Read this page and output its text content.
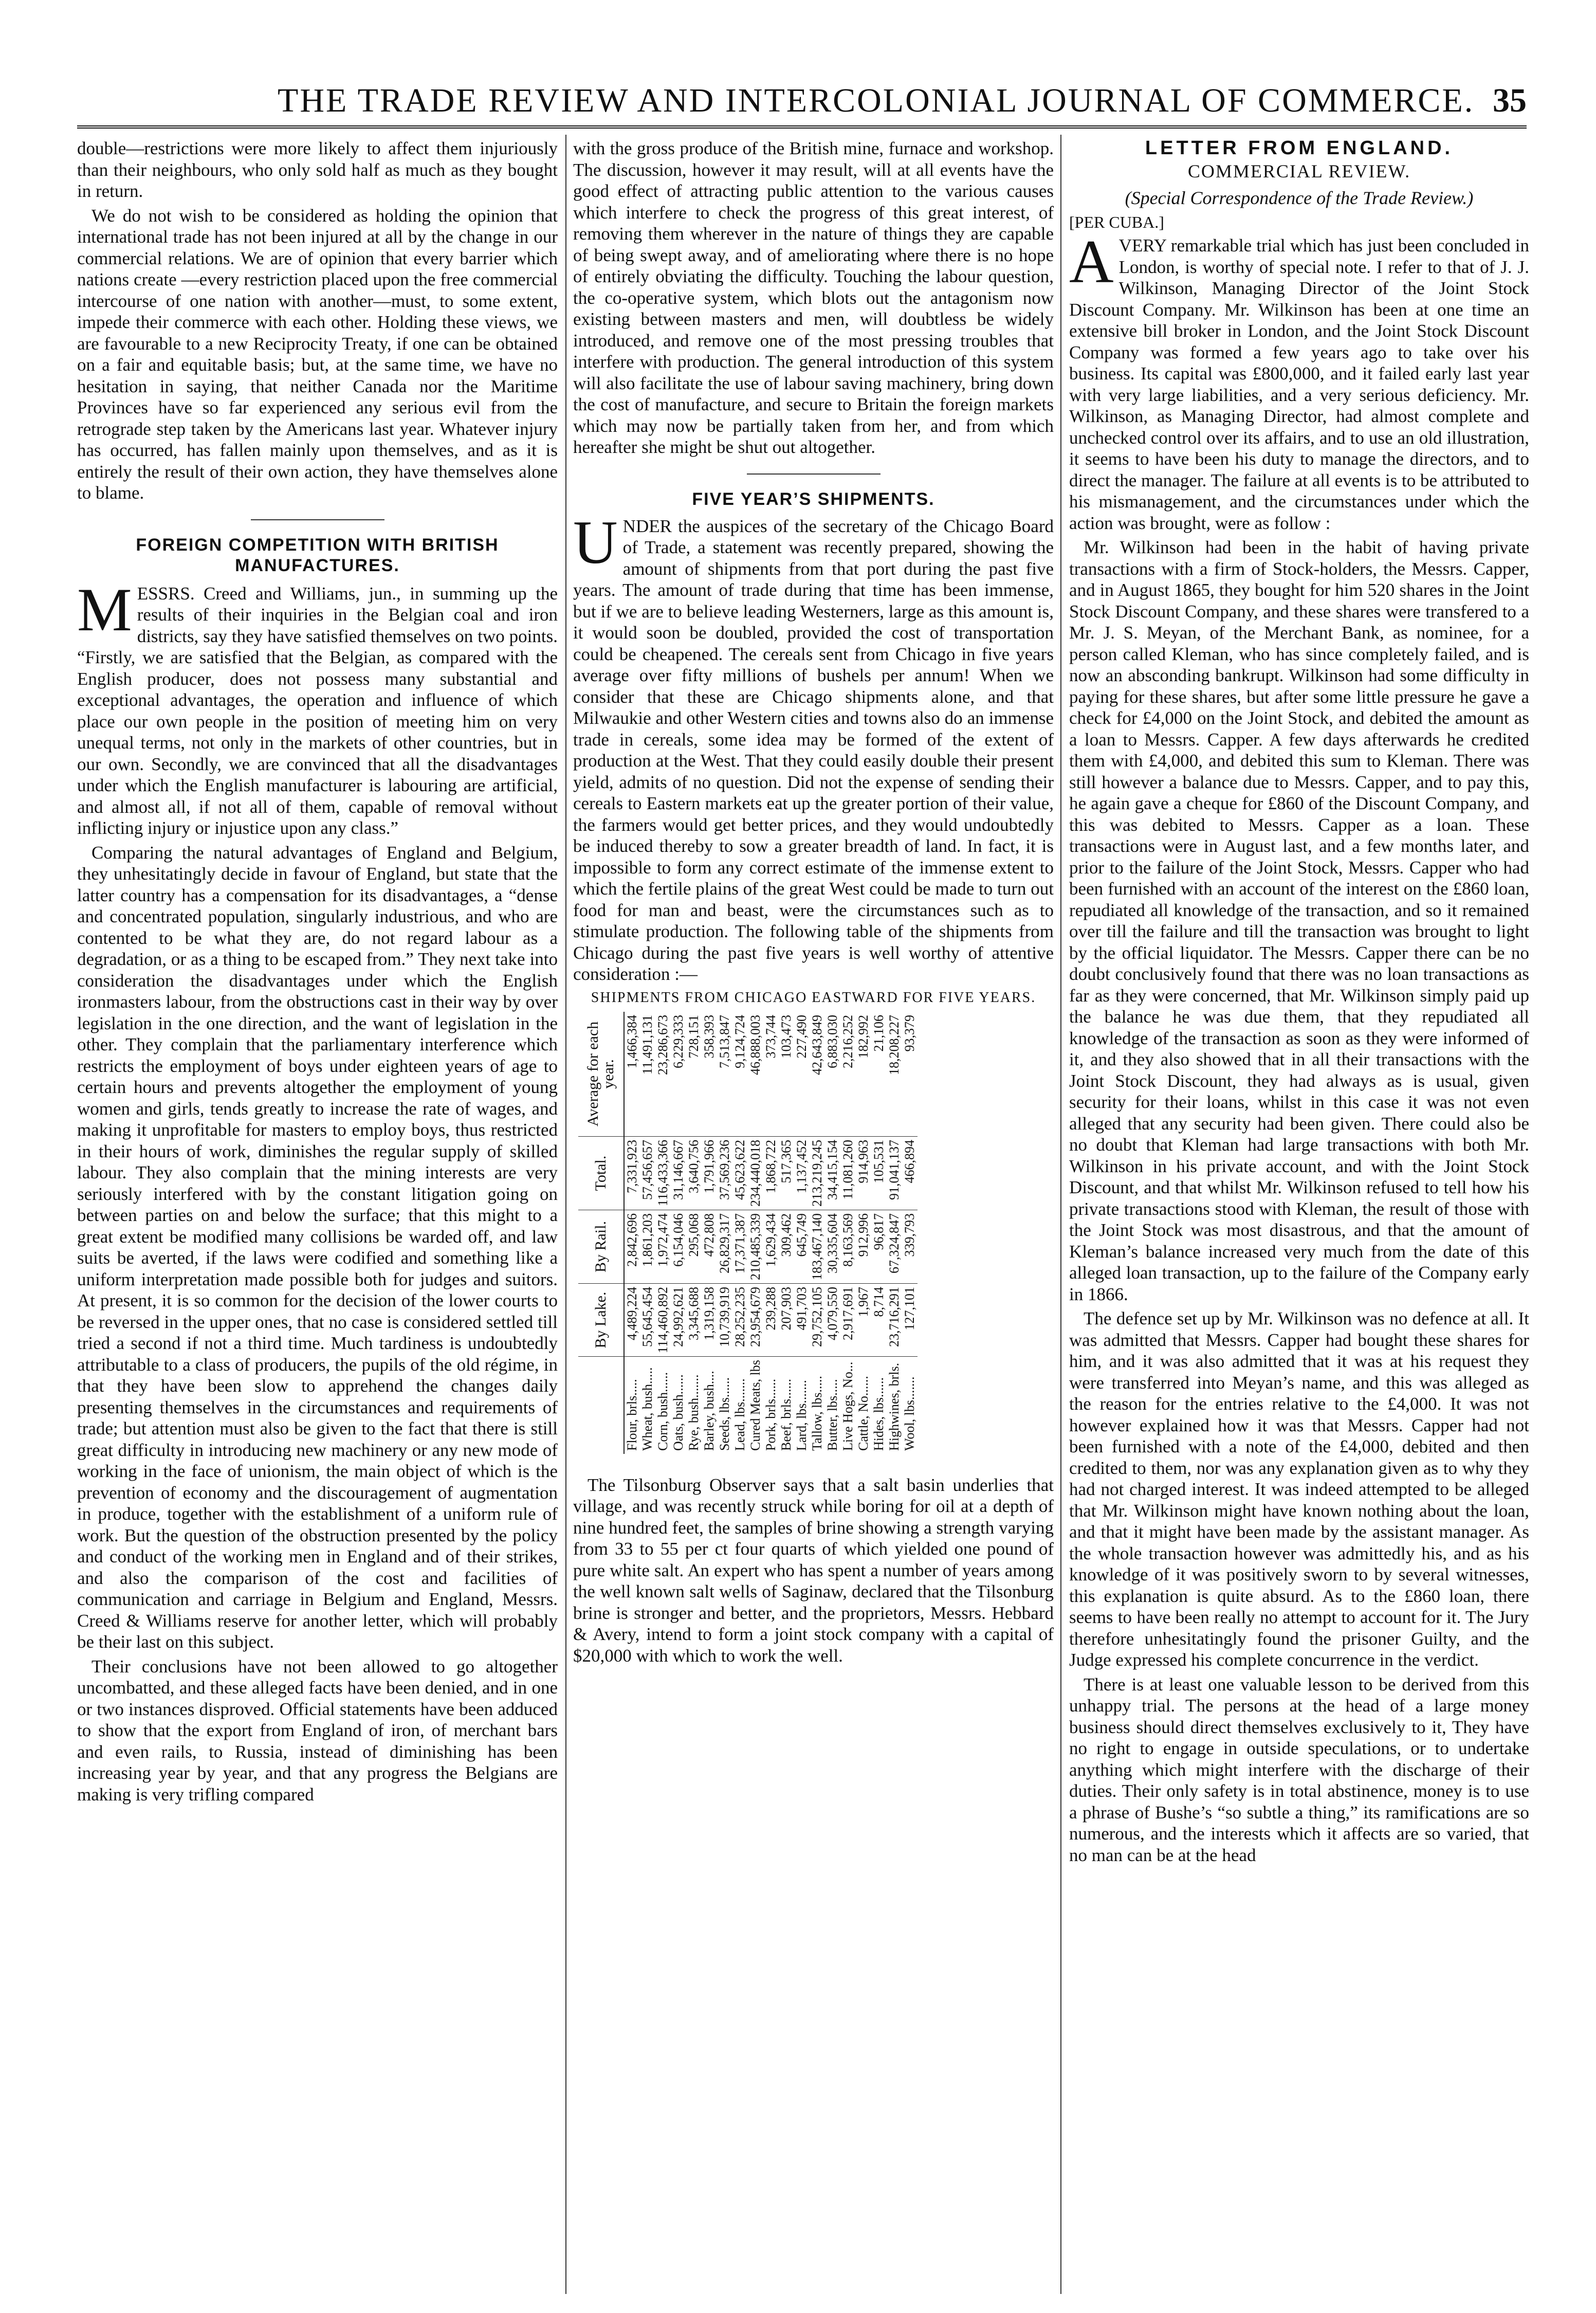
THE TRADE REVIEW AND INTERCOLONIAL JOURNAL OF COMMERCE. 35

double—restrictions were more likely to affect them injuriously than their neighbours, who only sold half as much as they bought in return.

We do not wish to be considered as holding the opinion that international trade has not been injured at all by the change in our commercial relations. We are of opinion that every barrier which nations create —every restriction placed upon the free commercial intercourse of one nation with another—must, to some extent, impede their commerce with each other. Holding these views, we are favourable to a new Reciprocity Treaty, if one can be obtained on a fair and equitable basis; but, at the same time, we have no hesitation in saying, that neither Canada nor the Maritime Provinces have so far experienced any serious evil from the retrograde step taken by the Americans last year. Whatever injury has occurred, has fallen mainly upon themselves, and as it is entirely the result of their own action, they have themselves alone to blame.

FOREIGN COMPETITION WITH BRITISH MANUFACTURES.
M ESSRS. Creed and Williams, jun., in summing up the results of their inquiries in the Belgian coal and iron districts, say they have satisfied themselves on two points. “Firstly, we are satisfied that the Belgian, as compared with the English producer, does not possess many substantial and exceptional advantages, the operation and influence of which place our own people in the position of meeting him on very unequal terms, not only in the markets of other countries, but in our own. Secondly, we are convinced that all the disadvantages under which the English manufacturer is labouring are artificial, and almost all, if not all of them, capable of removal without inflicting injury or injustice upon any class.”

Comparing the natural advantages of England and Belgium, they unhesitatingly decide in favour of England, but state that the latter country has a compensation for its disadvantages, a “dense and concentrated population, singularly industrious, and who are contented to be what they are, do not regard labour as a degradation, or as a thing to be escaped from.” They next take into consideration the disadvantages under which the English ironmasters labour, from the obstructions cast in their way by over legislation in the one direction, and the want of legislation in the other. They complain that the parliamentary interference which restricts the employment of boys under eighteen years of age to certain hours and prevents altogether the employment of young women and girls, tends greatly to increase the rate of wages, and making it unprofitable for masters to employ boys, thus restricted in their hours of work, diminishes the regular supply of skilled labour. They also complain that the mining interests are very seriously interfered with by the constant litigation going on between parties on and below the surface; that this might to a great extent be modified many collisions be warded off, and law suits be averted, if the laws were codified and something like a uniform interpretation made possible both for judges and suitors. At present, it is so common for the decision of the lower courts to be reversed in the upper ones, that no case is considered settled till tried a second if not a third time. Much tardiness is undoubtedly attributable to a class of producers, the pupils of the old régime, in that they have been slow to apprehend the changes daily presenting themselves in the circumstances and requirements of trade; but attention must also be given to the fact that there is still great difficulty in introducing new machinery or any new mode of working in the face of unionism, the main object of which is the prevention of economy and the discouragement of augmentation in produce, together with the establishment of a uniform rule of work. But the question of the obstruction presented by the policy and conduct of the working men in England and of their strikes, and also the comparison of the cost and facilities of communication and carriage in Belgium and England, Messrs. Creed & Williams reserve for another letter, which will probably be their last on this subject.

Their conclusions have not been allowed to go altogether uncombatted, and these alleged facts have been denied, and in one or two instances disproved. Official statements have been adduced to show that the export from England of iron, of merchant bars and even rails, to Russia, instead of diminishing has been increasing year by year, and that any progress the Belgians are making is very trifling compared

with the gross produce of the British mine, furnace and workshop. The discussion, however it may result, will at all events have the good effect of attracting public attention to the various causes which interfere to check the progress of this great interest, of removing them wherever in the nature of things they are capable of being swept away, and of ameliorating where there is no hope of entirely obviating the difficulty. Touching the labour question, the co-operative system, which blots out the antagonism now existing between masters and men, will doubtless be widely introduced, and remove one of the most pressing troubles that interfere with production. The general introduction of this system will also facilitate the use of labour saving machinery, bring down the cost of manufacture, and secure to Britain the foreign markets which may now be partially taken from her, and from which hereafter she might be shut out altogether.

FIVE YEAR’S SHIPMENTS.
U NDER the auspices of the secretary of the Chicago Board of Trade, a statement was recently prepared, showing the amount of shipments from that port during the past five years. The amount of trade during that time has been immense, but if we are to believe leading Westerners, large as this amount is, it would soon be doubled, provided the cost of transportation could be cheapened. The cereals sent from Chicago in five years average over fifty millions of bushels per annum! When we consider that these are Chicago shipments alone, and that Milwaukie and other Western cities and towns also do an immense trade in cereals, some idea may be formed of the extent of production at the West. That they could easily double their present yield, admits of no question. Did not the expense of sending their cereals to Eastern markets eat up the greater portion of their value, the farmers would get better prices, and they would undoubtedly be induced thereby to sow a greater breadth of land. In fact, it is impossible to form any correct estimate of the immense extent to which the fertile plains of the great West could be made to turn out food for man and beast, were the circumstances such as to stimulate production. The following table of the shipments from Chicago during the past five years is well worthy of attentive consideration :—

SHIPMENTS FROM CHICAGO EASTWARD FOR FIVE YEARS.
	By Lake.	By Rail.	Total.	Average for each year.
Flour, brls.....	4,489,224	2,842,696	7,331,923	1,466,384
Wheat, bush.....	55,645,454	1,861,203	57,456,657	11,491,131
Corn, bush......	114,460,892	1,972,474	116,433,366	23,286,673
Oats, bush......	24,992,621	6,154,046	31,146,667	6,229,333
Rye, bush.......	3,345,688	295,068	3,640,756	728,151
Barley, bush....	1,319,158	472,808	1,791,966	358,393
Seeds, lbs......	10,739,919	26,829,317	37,569,236	7,513,847
Lead, lbs.......	28,252,235	17,371,387	45,623,622	9,124,724
Cured Meats, lbs	23,954,679	210,485,339	234,440,018	46,888,003
Pork, brls......	239,288	1,629,434	1,868,722	373,744
Beef, brls......	207,903	309,462	517,365	103,473
Lard, lbs.......	491,703	645,749	1,137,452	227,490
Tallow, lbs.....	29,752,105	183,467,140	213,219,245	42,643,849
Butter, lbs.....	4,079,550	30,335,604	34,415,154	6,883,030
Live Hogs, No...	2,917,691	8,163,569	11,081,260	2,216,252
Cattle, No......	1,967	912,996	914,963	182,992
Hides, lbs......	8,714	96,817	105,531	21,106
Highwines, brls.	23,716,291	67,324,847	91,041,137	18,208,227
Wool, lbs.......	127,101	339,793	466,894	93,379

The Tilsonburg Observer says that a salt basin underlies that village, and was recently struck while boring for oil at a depth of nine hundred feet, the samples of brine showing a strength varying from 33 to 55 per ct four quarts of which yielded one pound of pure white salt. An expert who has spent a number of years among the well known salt wells of Saginaw, declared that the Tilsonburg brine is stronger and better, and the proprietors, Messrs. Hebbard & Avery, intend to form a joint stock company with a capital of $20,000 with which to work the well.

LETTER FROM ENGLAND.
COMMERCIAL REVIEW.
(Special Correspondence of the Trade Review.)
[PER CUBA.]
A VERY remarkable trial which has just been concluded in London, is worthy of special note. I refer to that of J. J. Wilkinson, Managing Director of the Joint Stock Discount Company. Mr. Wilkinson has been at one time an extensive bill broker in London, and the Joint Stock Discount Company was formed a few years ago to take over his business. Its capital was £800,000, and it failed early last year with very large liabilities, and a very serious deficiency. Mr. Wilkinson, as Managing Director, had almost complete and unchecked control over its affairs, and to use an old illustration, it seems to have been his duty to manage the directors, and to direct the manager. The failure at all events is to be attributed to his mismanagement, and the circumstances under which the action was brought, were as follow :

Mr. Wilkinson had been in the habit of having private transactions with a firm of Stock-holders, the Messrs. Capper, and in August 1865, they bought for him 520 shares in the Joint Stock Discount Company, and these shares were transfered to a Mr. J. S. Meyan, of the Merchant Bank, as nominee, for a person called Kleman, who has since completely failed, and is now an absconding bankrupt. Wilkinson had some difficulty in paying for these shares, but after some little pressure he gave a check for £4,000 on the Joint Stock, and debited the amount as a loan to Messrs. Capper. A few days afterwards he credited them with £4,000, and debited this sum to Kleman. There was still however a balance due to Messrs. Capper, and to pay this, he again gave a cheque for £860 of the Discount Company, and this was debited to Messrs. Capper as a loan. These transactions were in August last, and a few months later, and prior to the failure of the Joint Stock, Messrs. Capper who had been furnished with an account of the interest on the £860 loan, repudiated all knowledge of the transaction, and so it remained over till the failure and till the transaction was brought to light by the official liquidator. The Messrs. Capper there can be no doubt conclusively found that there was no loan transactions as far as they were concerned, that Mr. Wilkinson simply paid up the balance he was due them, that they repudiated all knowledge of the transaction as soon as they were informed of it, and they also showed that in all their transactions with the Joint Stock Discount, they had always as is usual, given security for their loans, whilst in this case it was not even alleged that any security had been given. There could also be no doubt that Kleman had large transactions with both Mr. Wilkinson in his private account, and with the Joint Stock Discount, and that whilst Mr. Wilkinson refused to tell how his private transactions stood with Kleman, the result of those with the Joint Stock was most disastrous, and that the amount of Kleman’s balance increased very much from the date of this alleged loan transaction, up to the failure of the Company early in 1866.

The defence set up by Mr. Wilkinson was no defence at all. It was admitted that Messrs. Capper had bought these shares for him, and it was also admitted that it was at his request they were transferred into Meyan’s name, and this was alleged as the reason for the entries relative to the £4,000. It was not however explained how it was that Messrs. Capper had not been furnished with a note of the £4,000, debited and then credited to them, nor was any explanation given as to why they had not charged interest. It was indeed attempted to be alleged that Mr. Wilkinson might have known nothing about the loan, and that it might have been made by the assistant manager. As the whole transaction however was admittedly his, and as his knowledge of it was positively sworn to by several witnesses, this explanation is quite absurd. As to the £860 loan, there seems to have been really no attempt to account for it. The Jury therefore unhesitatingly found the prisoner Guilty, and the Judge expressed his complete concurrence in the verdict.

There is at least one valuable lesson to be derived from this unhappy trial. The persons at the head of a large money business should direct themselves exclusively to it, They have no right to engage in outside speculations, or to undertake anything which might interfere with the discharge of their duties. Their only safety is in total abstinence, money is to use a phrase of Bushe’s “so subtle a thing,” its ramifications are so numerous, and the interests which it affects are so varied, that no man can be at the head
